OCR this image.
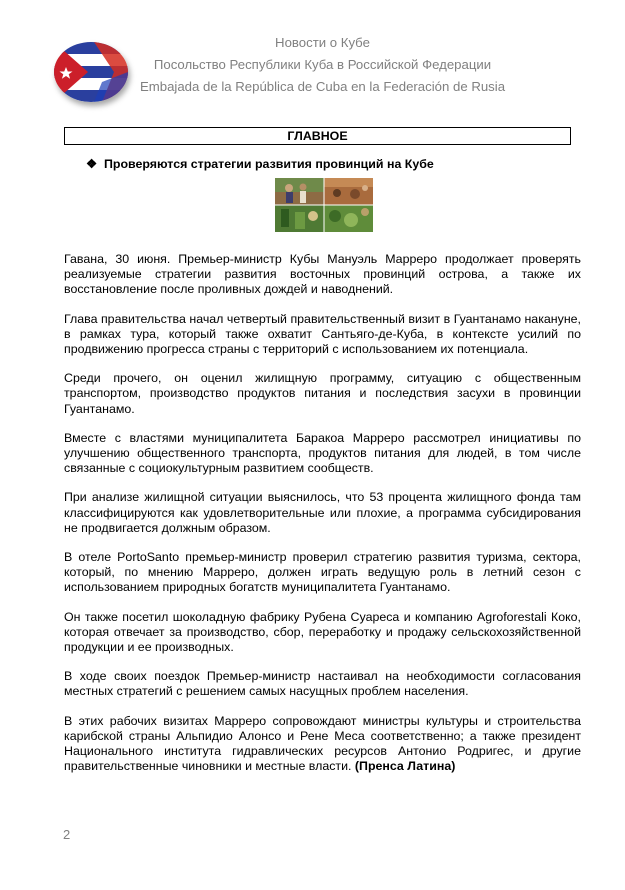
Новости о Кубе
Посольство Республики Куба в Российской Федерации
Embajada de la República de Cuba en la Federación de Rusia
ГЛАВНОЕ
❖ Проверяются стратегии развития провинций на Кубе

Гавана, 30 июня. Премьер-министр Кубы Мануэль Марреро продолжает проверять реализуемые стратегии развития восточных провинций острова, а также их восстановление после проливных дождей и наводнений.

Глава правительства начал четвертый правительственный визит в Гуантанамо накануне, в рамках тура, который также охватит Сантьяго-де-Куба, в контексте усилий по продвижению прогресса страны с территорий с использованием их потенциала.

Среди прочего, он оценил жилищную программу, ситуацию с общественным транспортом, производство продуктов питания и последствия засухи в провинции Гуантанамо.

Вместе с властями муниципалитета Баракоа Марреро рассмотрел инициативы по улучшению общественного транспорта, продуктов питания для людей, в том числе связанные с социокультурным развитием сообществ.

При анализе жилищной ситуации выяснилось, что 53 процента жилищного фонда там классифицируются как удовлетворительные или плохие, а программа субсидирования не продвигается должным образом.

В отеле PortoSanto премьер-министр проверил стратегию развития туризма, сектора, который, по мнению Марреро, должен играть ведущую роль в летний сезон с использованием природных богатств муниципалитета Гуантанамо.

Он также посетил шоколадную фабрику Рубена Суареса и компанию Agroforestali Коко, которая отвечает за производство, сбор, переработку и продажу сельскохозяйственной продукции и ее производных.

В ходе своих поездок Премьер-министр настаивал на необходимости согласования местных стратегий с решением самых насущных проблем населения.

В этих рабочих визитах Марреро сопровождают министры культуры и строительства карибской страны Альпидио Алонсо и Рене Меса соответственно; а также президент Национального института гидравлических ресурсов Антонио Родригес, и другие правительственные чиновники и местные власти. (Пренса Латина)

2
